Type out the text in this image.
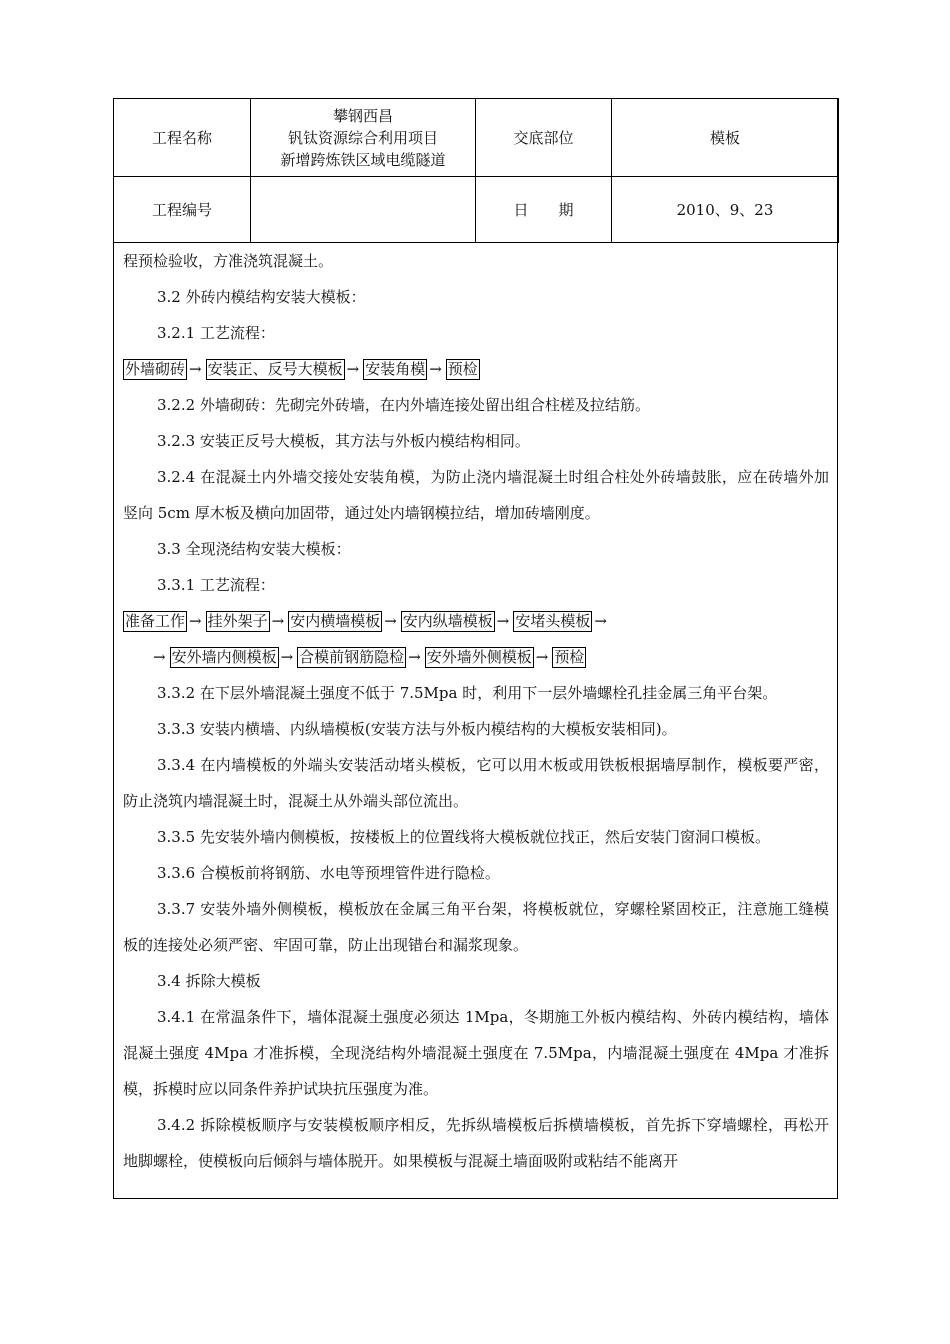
工程名称	攀钢西昌
钒钛资源综合利用项目
新增跨炼铁区域电缆隧道	交底部位	模板
工程编号		日　　期	2010、9、23

程预检验收，方准浇筑混凝土。

3.2 外砖内模结构安装大模板：

3.2.1 工艺流程：

外墙砌砖 → 安装正、反号大模板 → 安装角模 → 预检

3.2.2 外墙砌砖：先砌完外砖墙，在内外墙连接处留出组合柱槎及拉结筋。

3.2.3 安装正反号大模板，其方法与外板内模结构相同。

3.2.4 在混凝土内外墙交接处安装角模，为防止浇内墙混凝土时组合柱处外砖墙鼓胀，应在砖墙外加竖向 5cm 厚木板及横向加固带，通过处内墙钢模拉结，增加砖墙刚度。

3.3 全现浇结构安装大模板：

3.3.1 工艺流程：

准备工作 → 挂外架子 → 安内横墙模板 → 安内纵墙模板 → 安堵头模板 →
→ 安外墙内侧模板 → 合模前钢筋隐检 → 安外墙外侧模板 → 预检

3.3.2 在下层外墙混凝土强度不低于 7.5Mpa 时，利用下一层外墙螺栓孔挂金属三角平台架。

3.3.3 安装内横墙、内纵墙模板(安装方法与外板内模结构的大模板安装相同)。

3.3.4 在内墙模板的外端头安装活动堵头模板，它可以用木板或用铁板根据墙厚制作，模板要严密，防止浇筑内墙混凝土时，混凝土从外端头部位流出。

3.3.5 先安装外墙内侧模板，按楼板上的位置线将大模板就位找正，然后安装门窗洞口模板。

3.3.6 合模板前将钢筋、水电等预埋管件进行隐检。

3.3.7 安装外墙外侧模板，模板放在金属三角平台架，将模板就位，穿螺栓紧固校正，注意施工缝模板的连接处必须严密、牢固可靠，防止出现错台和漏浆现象。

3.4 拆除大模板

3.4.1 在常温条件下，墙体混凝土强度必须达 1Mpa，冬期施工外板内模结构、外砖内模结构，墙体混凝土强度 4Mpa 才准拆模，全现浇结构外墙混凝土强度在 7.5Mpa，内墙混凝土强度在 4Mpa 才准拆模，拆模时应以同条件养护试块抗压强度为准。

3.4.2 拆除模板顺序与安装模板顺序相反，先拆纵墙模板后拆横墙模板，首先拆下穿墙螺栓，再松开地脚螺栓，使模板向后倾斜与墙体脱开。如果模板与混凝土墙面吸附或粘结不能离开
